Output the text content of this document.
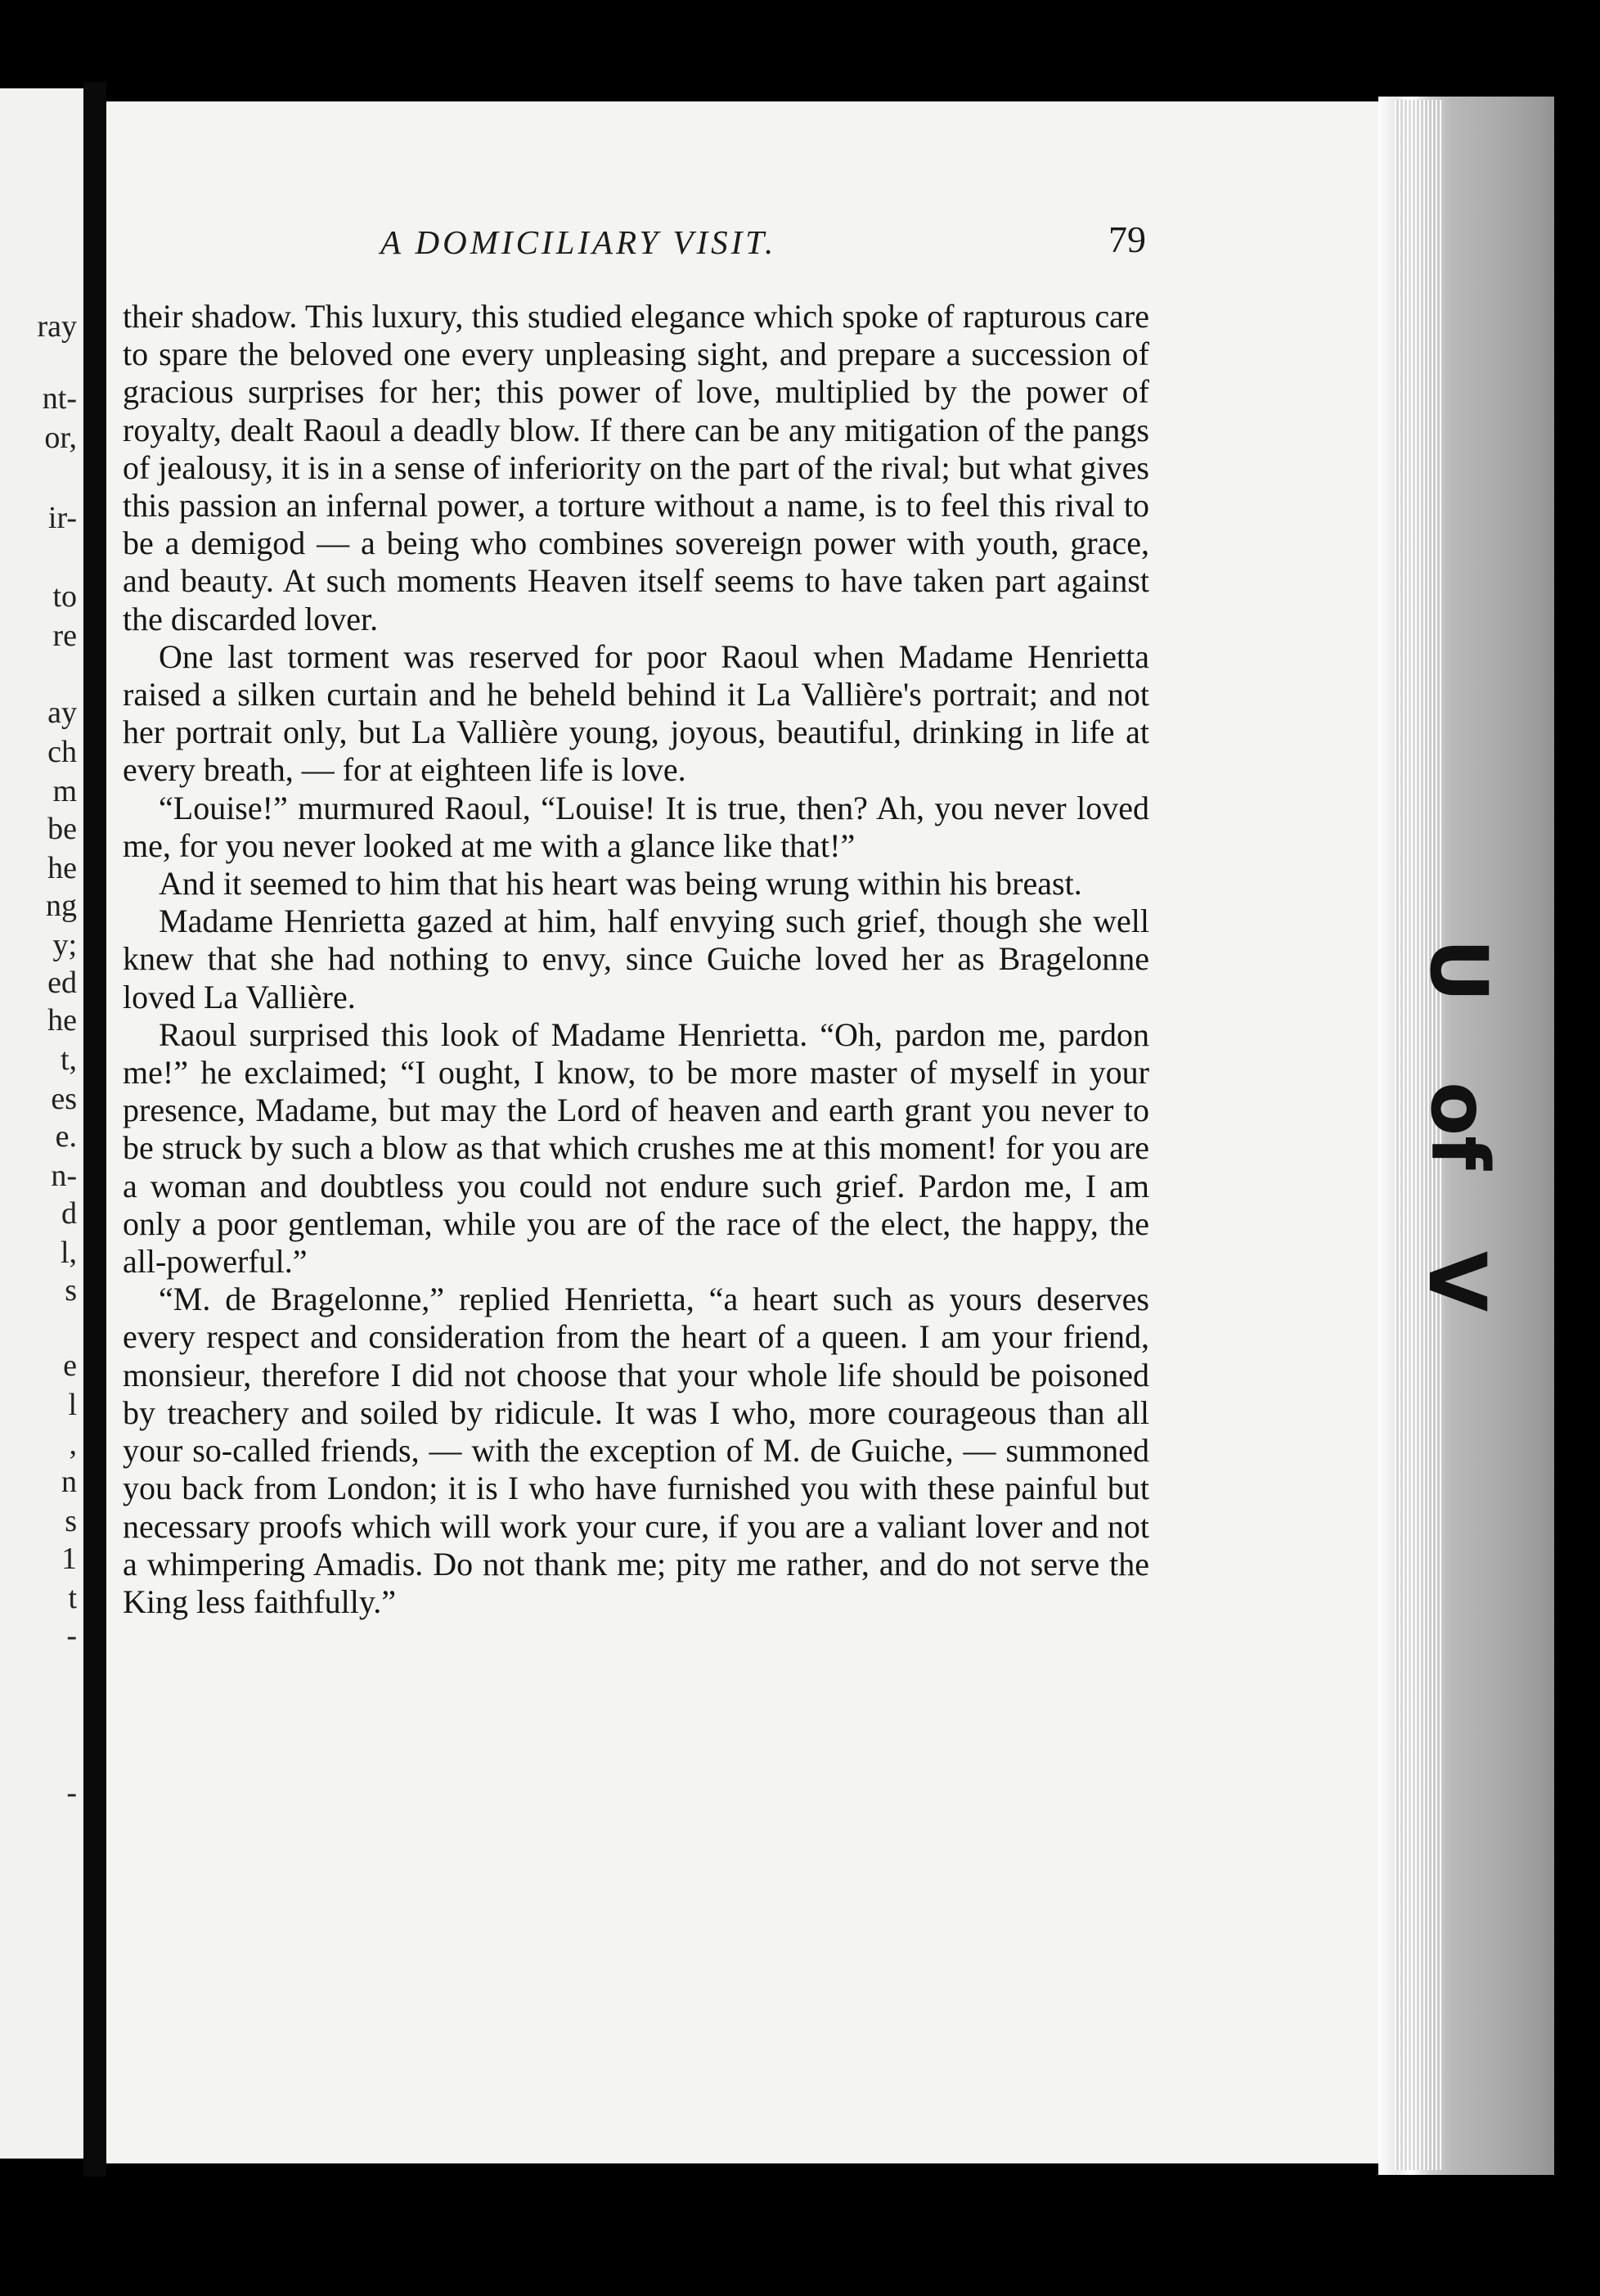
ray
nt-
or,
ir-
to
re
ay
ch
m
be
he
ng
y;
ed
he
t,
es
e.
n-
d
l,
s
e
l
,
n
s
1
t
-
-
A DOMICILIARY VISIT.	79

their shadow. This luxury, this studied elegance which spoke of rapturous care to spare the beloved one every unpleasing sight, and prepare a succession of gracious surprises for her; this power of love, multiplied by the power of royalty, dealt Raoul a deadly blow. If there can be any mitigation of the pangs of jealousy, it is in a sense of inferiority on the part of the rival; but what gives this passion an infernal power, a torture without a name, is to feel this rival to be a demigod — a being who combines sovereign power with youth, grace, and beauty. At such moments Heaven itself seems to have taken part against the discarded lover.

One last torment was reserved for poor Raoul when Madame Henrietta raised a silken curtain and he beheld behind it La Vallière's portrait; and not her portrait only, but La Vallière young, joyous, beautiful, drinking in life at every breath, — for at eighteen life is love.

“Louise!” murmured Raoul, “Louise! It is true, then? Ah, you never loved me, for you never looked at me with a glance like that!”

And it seemed to him that his heart was being wrung within his breast.

Madame Henrietta gazed at him, half envying such grief, though she well knew that she had nothing to envy, since Guiche loved her as Bragelonne loved La Vallière.

Raoul surprised this look of Madame Henrietta. “Oh, pardon me, pardon me!” he exclaimed; “I ought, I know, to be more master of myself in your presence, Madame, but may the Lord of heaven and earth grant you never to be struck by such a blow as that which crushes me at this moment! for you are a woman and doubtless you could not endure such grief. Pardon me, I am only a poor gentleman, while you are of the race of the elect, the happy, the all-powerful.”

“M. de Bragelonne,” replied Henrietta, “a heart such as yours deserves every respect and consideration from the heart of a queen. I am your friend, monsieur, therefore I did not choose that your whole life should be poisoned by treachery and soiled by ridicule. It was I who, more courageous than all your so-called friends, — with the exception of M. de Guiche, — summoned you back from London; it is I who have furnished you with these painful but necessary proofs which will work your cure, if you are a valiant lover and not a whimpering Amadis. Do not thank me; pity me rather, and do not serve the King less faithfully.”

U
of
V
